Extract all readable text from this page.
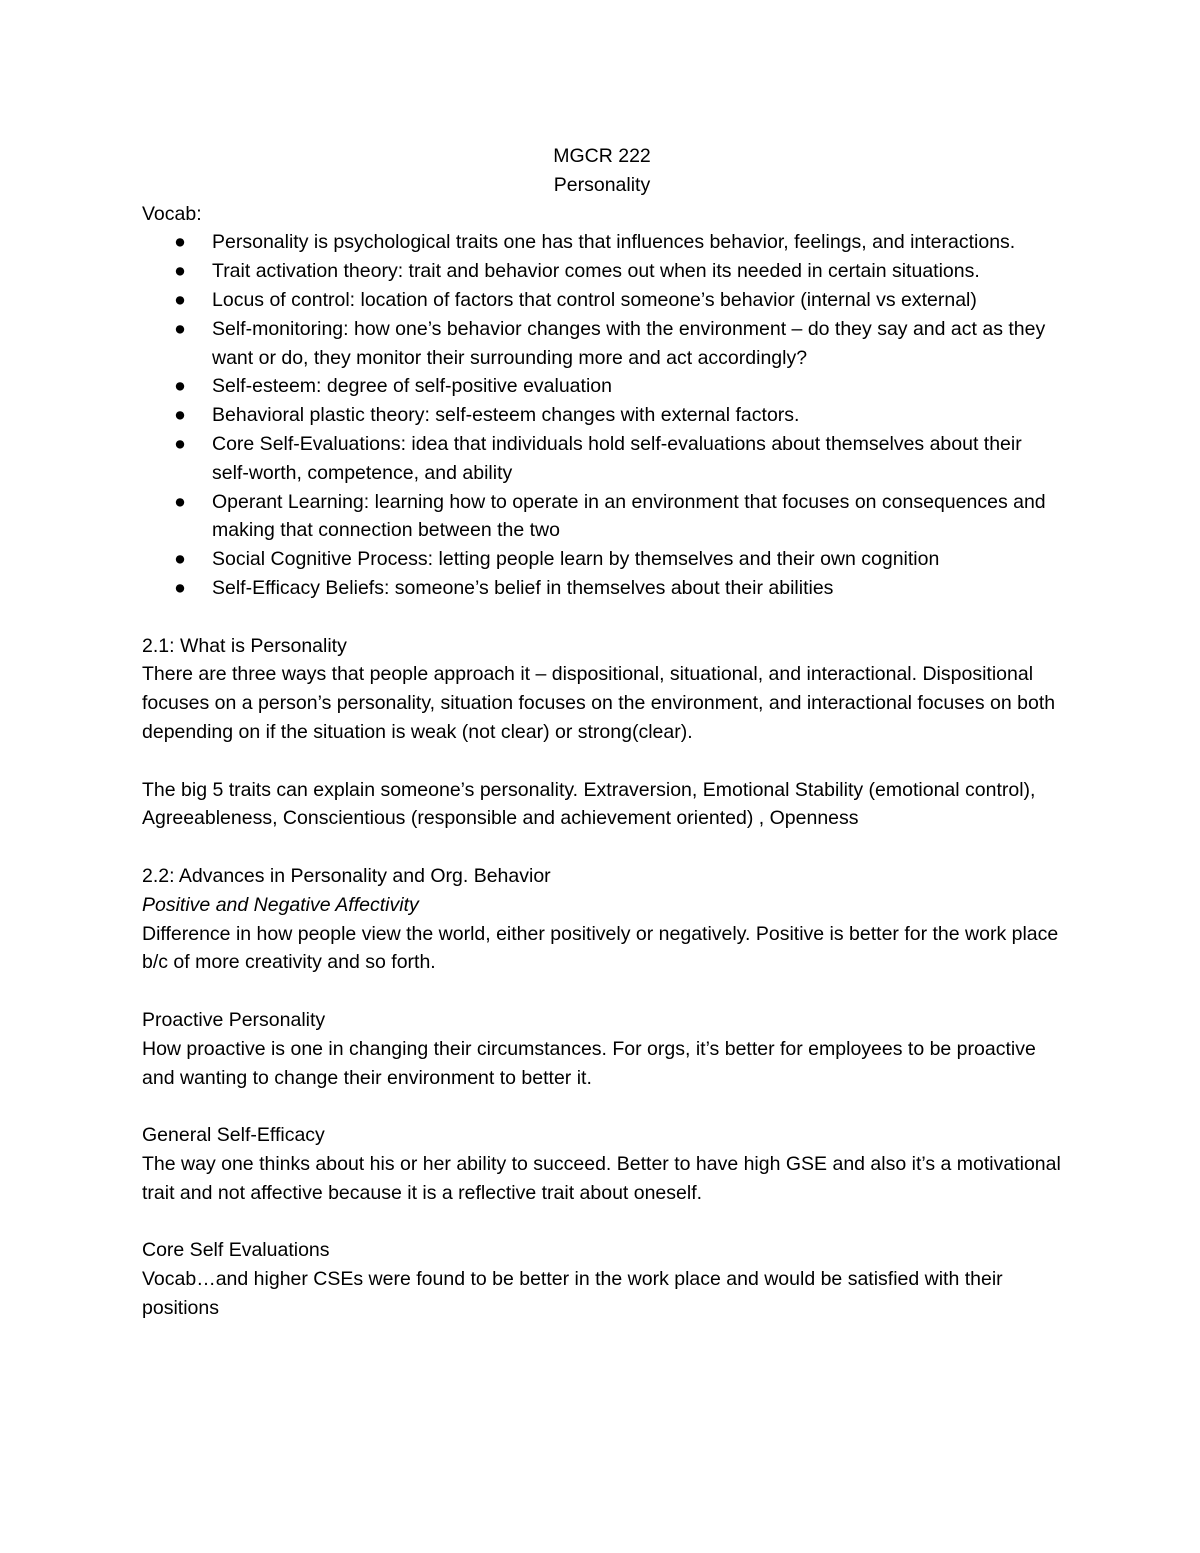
MGCR 222
Personality
Vocab:
● Personality is psychological traits one has that influences behavior, feelings, and interactions.
● Trait activation theory: trait and behavior comes out when its needed in certain situations.
● Locus of control: location of factors that control someone’s behavior (internal vs external)
● Self-monitoring: how one’s behavior changes with the environment – do they say and act as they want or do, they monitor their surrounding more and act accordingly?
● Self-esteem: degree of self-positive evaluation
● Behavioral plastic theory: self-esteem changes with external factors.
● Core Self-Evaluations: idea that individuals hold self-evaluations about themselves about their self-worth, competence, and ability
● Operant Learning: learning how to operate in an environment that focuses on consequences and making that connection between the two
● Social Cognitive Process: letting people learn by themselves and their own cognition
● Self-Efficacy Beliefs: someone’s belief in themselves about their abilities
2.1: What is Personality
There are three ways that people approach it – dispositional, situational, and interactional. Dispositional focuses on a person’s personality, situation focuses on the environment, and interactional focuses on both depending on if the situation is weak (not clear) or strong(clear).
The big 5 traits can explain someone’s personality. Extraversion, Emotional Stability (emotional control), Agreeableness, Conscientious (responsible and achievement oriented) , Openness
2.2: Advances in Personality and Org. Behavior
Positive and Negative Affectivity
Difference in how people view the world, either positively or negatively. Positive is better for the work place b/c of more creativity and so forth.
Proactive Personality
How proactive is one in changing their circumstances. For orgs, it’s better for employees to be proactive and wanting to change their environment to better it.
General Self-Efficacy
The way one thinks about his or her ability to succeed. Better to have high GSE and also it’s a motivational trait and not affective because it is a reflective trait about oneself.
Core Self Evaluations
Vocab…and higher CSEs were found to be better in the work place and would be satisfied with their positions
